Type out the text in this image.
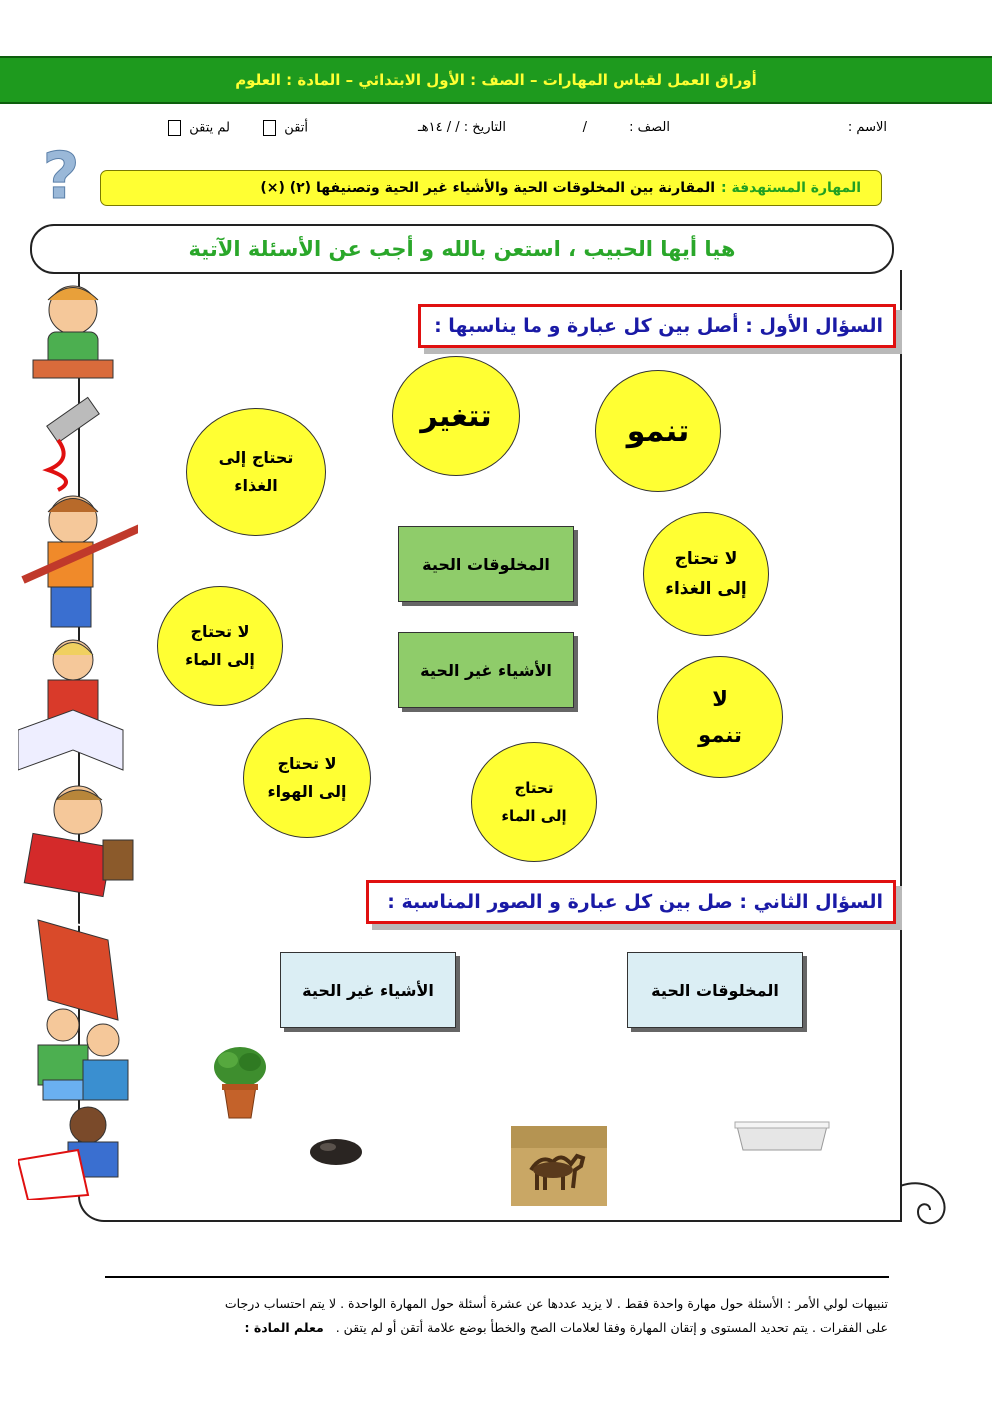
أوراق العمل لقياس المهارات – الصف : الأول الابتدائي – المادة : العلوم
الاسم :
الصف :
/
التاريخ : / / ١٤هـ
أتقن
لم يتقن
?	المهارة المستهدفة :
المقارنة بين المخلوقات الحية والأشياء غير الحية وتصنيفها (٢) (×)
هيا أيها الحبيب ، استعن بالله و أجب عن الأسئلة الآتية
السؤال الأول : أصل بين كل عبارة و ما يناسبها :
تتغير	تنمو
تحتاج إلى
الغذاء
لا تحتاج
إلى الغذاء
لا تحتاج
إلى الماء
لا
تنمو
لا تحتاج
إلى الهواء	تحتاج
إلى الماء
المخلوقات الحية
الأشياء غير الحية
السؤال الثاني : صل بين كل عبارة و الصور المناسبة :
الأشياء غير الحية	المخلوقات الحية
تنبيهات لولي الأمر : الأسئلة حول مهارة واحدة فقط . لا يزيد عددها عن عشرة أسئلة حول المهارة الواحدة . لا يتم احتساب درجات
على الفقرات . يتم تحديد المستوى و إتقان المهارة وفقا لعلامات الصح والخطأ بوضع علامة أتقن أو لم يتقن . معلم المادة :
